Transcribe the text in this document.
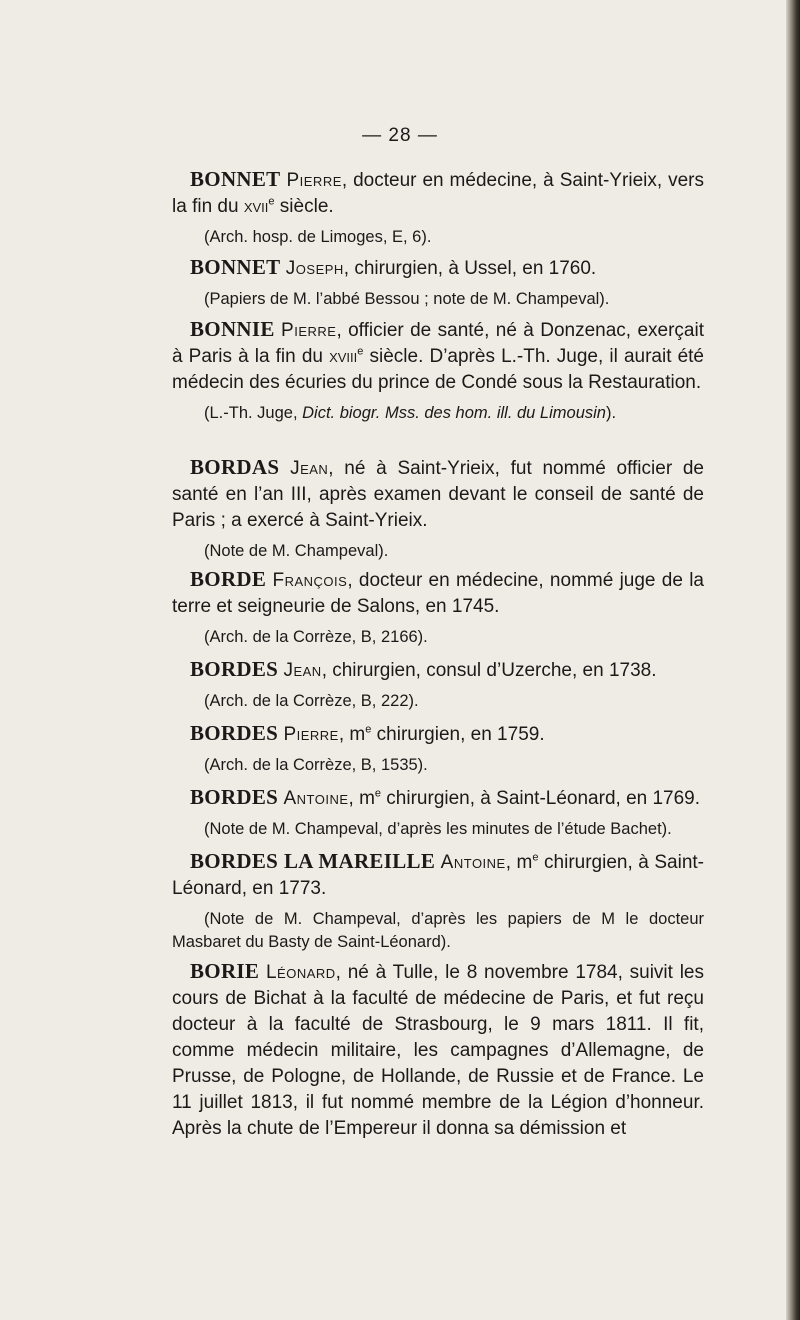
— 28 —

BONNET Pierre, docteur en médecine, à Saint-Yrieix, vers la fin du xvii$^e$ siècle.

(Arch. hosp. de Limoges, E, 6).

BONNET Joseph, chirurgien, à Ussel, en 1760.

(Papiers de M. l’abbé Bessou ; note de M. Champeval).

BONNIE Pierre, officier de santé, né à Donzenac, exerçait à Paris à la fin du xviii$^e$ siècle. D’après L.-Th. Juge, il aurait été médecin des écuries du prince de Condé sous la Restauration.

(L.-Th. Juge, Dict. biogr. Mss. des hom. ill. du Limousin).

BORDAS Jean, né à Saint-Yrieix, fut nommé officier de santé en l’an III, après examen devant le conseil de santé de Paris ; a exercé à Saint-Yrieix.

(Note de M. Champeval).

BORDE François, docteur en médecine, nommé juge de la terre et seigneurie de Salons, en 1745.

(Arch. de la Corrèze, B, 2166).

BORDES Jean, chirurgien, consul d’Uzerche, en 1738.

(Arch. de la Corrèze, B, 222).

BORDES Pierre, $m^e$ chirurgien, en 1759.

(Arch. de la Corrèze, B, 1535).

BORDES Antoine, $m^e$ chirurgien, à Saint-Léonard, en 1769.

(Note de M. Champeval, d’après les minutes de l’étude Bachet).

BORDES LA MAREILLE Antoine, $m^e$ chirurgien, à Saint-Léonard, en 1773.

(Note de M. Champeval, d’après les papiers de M le docteur Masbaret du Basty de Saint-Léonard).

BORIE Léonard, né à Tulle, le 8 novembre 1784, suivit les cours de Bichat à la faculté de médecine de Paris, et fut reçu docteur à la faculté de Strasbourg, le 9 mars 1811. Il fit, comme médecin militaire, les campagnes d’Allemagne, de Prusse, de Pologne, de Hollande, de Russie et de France. Le 11 juillet 1813, il fut nommé membre de la Légion d’honneur. Après la chute de l’Empereur il donna sa démission et
